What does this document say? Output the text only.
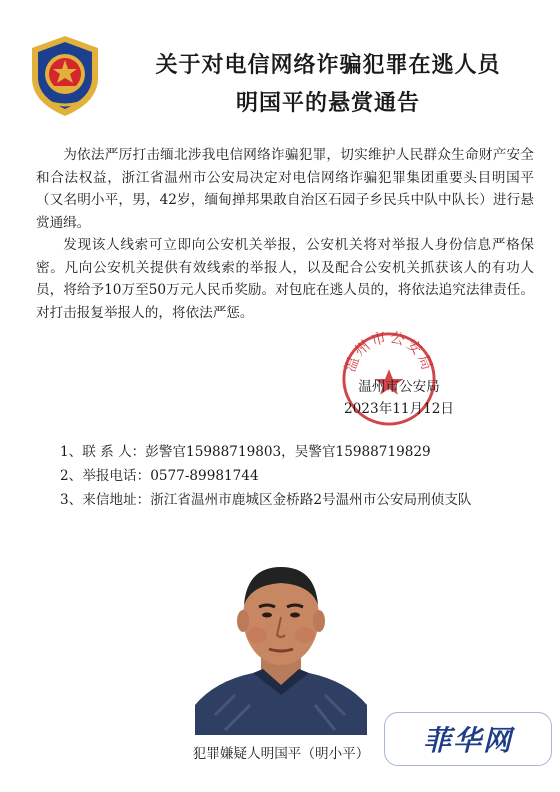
关于对电信网络诈骗犯罪在逃人员
明国平的悬赏通告

为依法严厉打击缅北涉我电信网络诈骗犯罪，切实维护人民群众生命财产安全和合法权益，浙江省温州市公安局决定对电信网络诈骗犯罪集团重要头目明国平（又名明小平，男，42岁，缅甸掸邦果敢自治区石园子乡民兵中队中队长）进行悬赏通缉。

发现该人线索可立即向公安机关举报，公安机关将对举报人身份信息严格保密。凡向公安机关提供有效线索的举报人，以及配合公安机关抓获该人的有功人员，将给予10万至50万元人民币奖励。对包庇在逃人员的，将依法追究法律责任。对打击报复举报人的，将依法严惩。

温州市公安局
温州市公安局
2023年11月12日
1、联 系 人： 彭警官15988719803，吴警官15988719829
2、举报电话： 0577-89981744
3、来信地址： 浙江省温州市鹿城区金桥路2号温州市公安局刑侦支队
犯罪嫌疑人明国平（明小平）	菲华网
